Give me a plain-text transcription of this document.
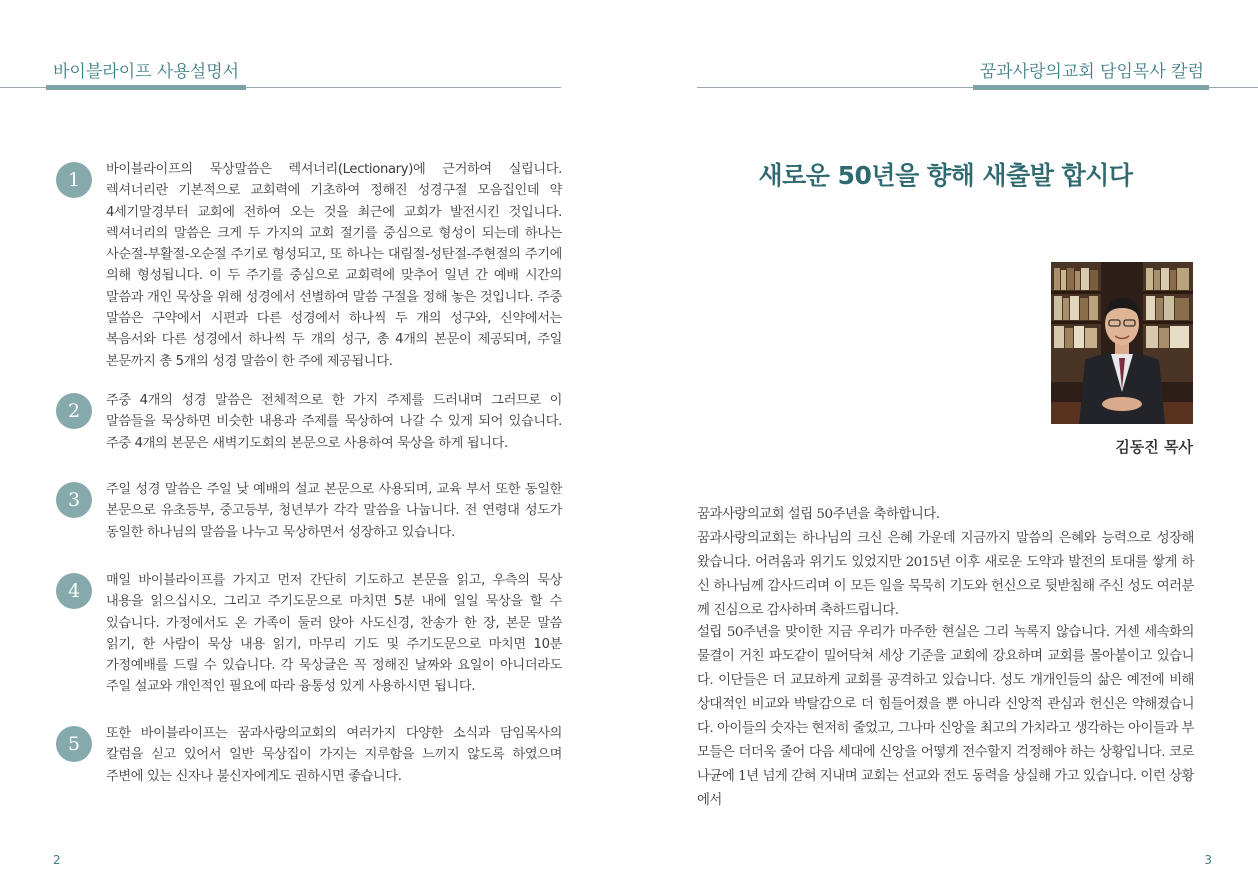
바이블라이프 사용설명서
1	바이블라이프의 묵상말씀은 렉셔너리(Lectionary)에 근거하여 실립니다. 렉셔너리란 기본적으로 교회력에 기초하여 정해진 성경구절 모음집인데 약 4세기말경부터 교회에 전하여 오는 것을 최근에 교회가 발전시킨 것입니다. 렉셔너리의 말씀은 크게 두 가지의 교회 절기를 중심으로 형성이 되는데 하나는 사순절-부활절-오순절 주기로 형성되고, 또 하나는 대림절-성탄절-주현절의 주기에 의해 형성됩니다. 이 두 주기를 중심으로 교회력에 맞추어 일년 간 예배 시간의 말씀과 개인 묵상을 위해 성경에서 선별하여 말씀 구절을 정해 놓은 것입니다. 주중 말씀은 구약에서 시편과 다른 성경에서 하나씩 두 개의 성구와, 신약에서는 복음서와 다른 성경에서 하나씩 두 개의 성구, 총 4개의 본문이 제공되며, 주일 본문까지 총 5개의 성경 말씀이 한 주에 제공됩니다.
2	주중 4개의 성경 말씀은 전체적으로 한 가지 주제를 드러내며 그러므로 이 말씀들을 묵상하면 비슷한 내용과 주제를 묵상하여 나갈 수 있게 되어 있습니다. 주중 4개의 본문은 새벽기도회의 본문으로 사용하여 묵상을 하게 됩니다.
3	주일 성경 말씀은 주일 낮 예배의 설교 본문으로 사용되며, 교육 부서 또한 동일한 본문으로 유초등부, 중고등부, 청년부가 각각 말씀을 나눕니다. 전 연령대 성도가 동일한 하나님의 말씀을 나누고 묵상하면서 성장하고 있습니다.
4	매일 바이블라이프를 가지고 먼저 간단히 기도하고 본문을 읽고, 우측의 묵상 내용을 읽으십시오. 그리고 주기도문으로 마치면 5분 내에 일일 묵상을 할 수 있습니다. 가정에서도 온 가족이 둘러 앉아 사도신경, 찬송가 한 장, 본문 말씀 읽기, 한 사람이 묵상 내용 읽기, 마무리 기도 및 주기도문으로 마치면 10분 가정예배를 드릴 수 있습니다. 각 묵상글은 꼭 정해진 날짜와 요일이 아니더라도 주일 설교와 개인적인 필요에 따라 융통성 있게 사용하시면 됩니다.
5	또한 바이블라이프는 꿈과사랑의교회의 여러가지 다양한 소식과 담임목사의 칼럼을 싣고 있어서 일반 묵상집이 가지는 지루함을 느끼지 않도록 하였으며 주변에 있는 신자나 불신자에게도 권하시면 좋습니다.
2
꿈과사랑의교회 담임목사 칼럼
새로운 50년을 향해 새출발 합시다
김동진 목사

꿈과사랑의교회 설립 50주년을 축하합니다.
꿈과사랑의교회는 하나님의 크신 은혜 가운데 지금까지 말씀의 은혜와 능력으로 성장해 왔습니다. 어려움과 위기도 있었지만 2015년 이후 새로운 도약과 발전의 토대를 쌓게 하신 하나님께 감사드리며 이 모든 일을 묵묵히 기도와 헌신으로 뒷받침해 주신 성도 여러분께 진심으로 감사하며 축하드립니다.

설립 50주년을 맞이한 지금 우리가 마주한 현실은 그리 녹록지 않습니다. 거센 세속화의 물결이 거친 파도같이 밀어닥쳐 세상 기준을 교회에 강요하며 교회를 몰아붙이고 있습니다. 이단들은 더 교묘하게 교회를 공격하고 있습니다. 성도 개개인들의 삶은 예전에 비해 상대적인 비교와 박탈감으로 더 힘들어졌을 뿐 아니라 신앙적 관심과 헌신은 약해졌습니다. 아이들의 숫자는 현저히 줄었고, 그나마 신앙을 최고의 가치라고 생각하는 아이들과 부모들은 더더욱 줄어 다음 세대에 신앙을 어떻게 전수할지 걱정해야 하는 상황입니다. 코로나균에 1년 넘게 갇혀 지내며 교회는 선교와 전도 동력을 상실해 가고 있습니다. 이런 상황에서

3
